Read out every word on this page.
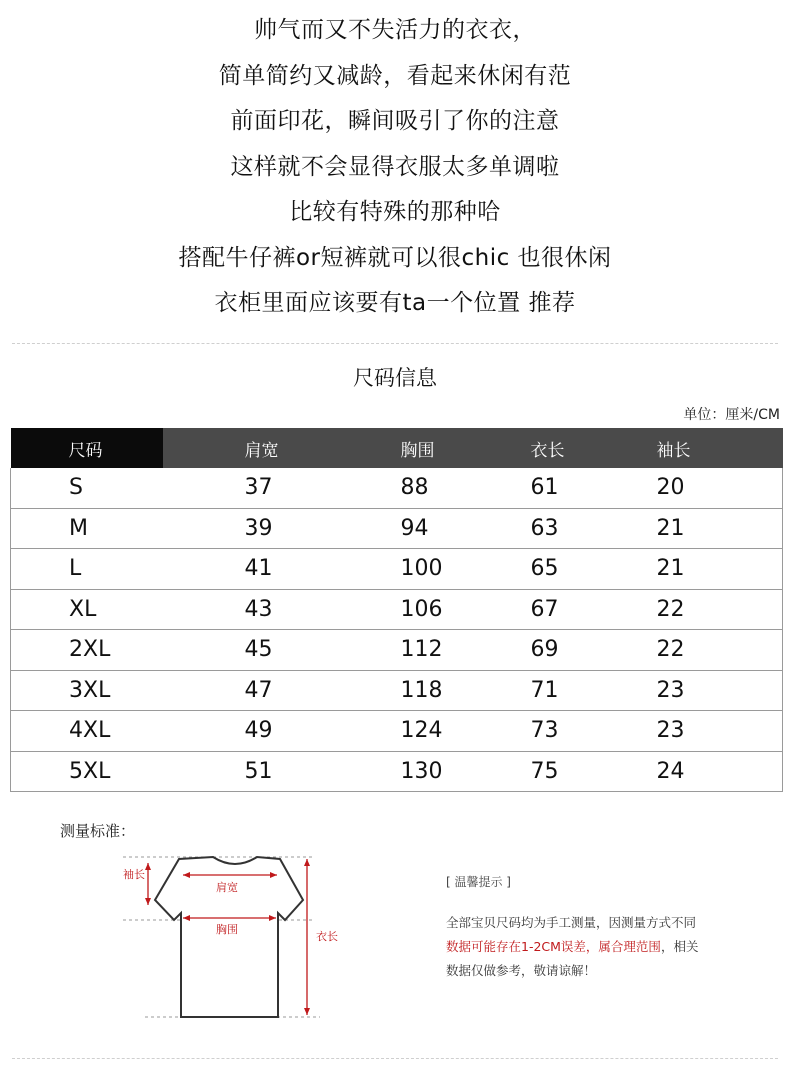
帅气而又不失活力的衣衣，
简单简约又减龄，看起来休闲有范
前面印花，瞬间吸引了你的注意
这样就不会显得衣服太多单调啦
比较有特殊的那种哈
搭配牛仔裤or短裤就可以很chic 也很休闲
衣柜里面应该要有ta一个位置 推荐
尺码信息
单位：厘米/CM
尺码	肩宽	胸围	衣长	袖长
S	37	88	61	20
M	39	94	63	21
L	41	100	65	21
XL	43	106	67	22
2XL	45	112	69	22
3XL	47	118	71	23
4XL	49	124	73	23
5XL	51	130	75	24
测量标准：
袖长
肩宽
胸围
衣长
[ 温馨提示 ]
全部宝贝尺码均为手工测量，因测量方式不同
数据可能存在1-2CM误差，属合理范围，相关
数据仅做参考，敬请谅解！
